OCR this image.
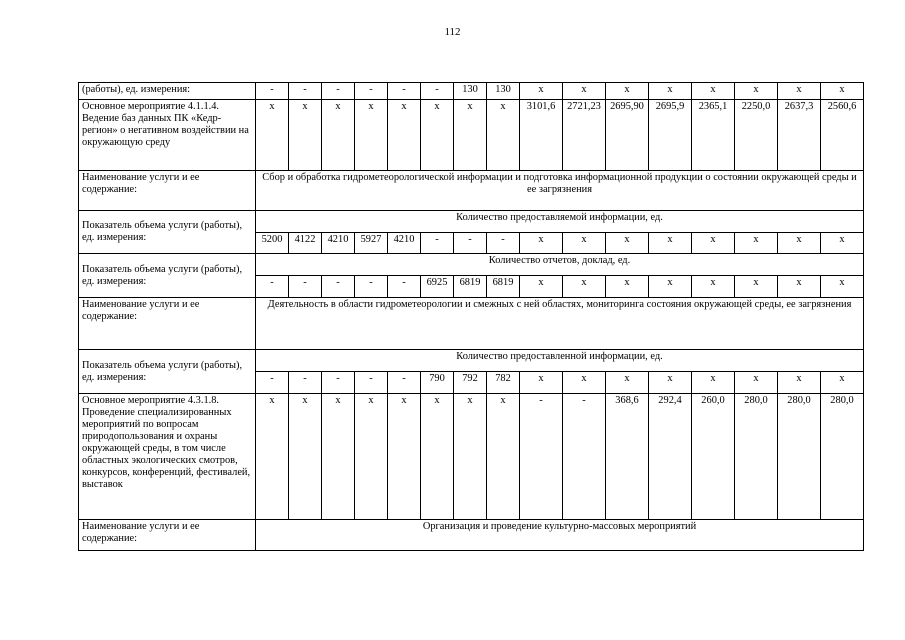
112
(работы), ед. измерения:	-	-	-	-	-	-	130	130	x	x	x	x	x	x	x	x
Основное мероприятие 4.1.1.4. Ведение баз данных ПК «Кедр-регион» о негативном воздействии на окружающую среду	x	x	x	x	x	x	x	x	3101,6	2721,23	2695,90	2695,9	2365,1	2250,0	2637,3	2560,6
Наименование услуги и ее содержание:	Сбор и обработка гидрометеорологической информации и подготовка информационной продукции о состоянии окружающей среды и ее загрязнения															
Показатель объема услуги (работы), ед. измерения:	Количество предоставляемой информации, ед.															
	5200	4122	4210	5927	4210	-	-	-	x	x	x	x	x	x	x	x
Показатель объема услуги (работы), ед. измерения:	Количество отчетов, доклад, ед.															
	-	-	-	-	-	6925	6819	6819	x	x	x	x	x	x	x	x
Наименование услуги и ее содержание:	Деятельность в области гидрометеорологии и смежных с ней областях, мониторинга состояния окружающей среды, ее загрязнения															
Показатель объема услуги (работы), ед. измерения:	Количество предоставленной информации, ед.															
	-	-	-	-	-	790	792	782	x	x	x	x	x	x	x	x
Основное мероприятие 4.3.1.8. Проведение специализированных мероприятий по вопросам природопользования и охраны окружающей среды, в том числе областных экологических смотров, конкурсов, конференций, фестивалей, выставок	x	x	x	x	x	x	x	x	-	-	368,6	292,4	260,0	280,0	280,0	280,0
Наименование услуги и ее содержание:	Организация и проведение культурно-массовых мероприятий															
